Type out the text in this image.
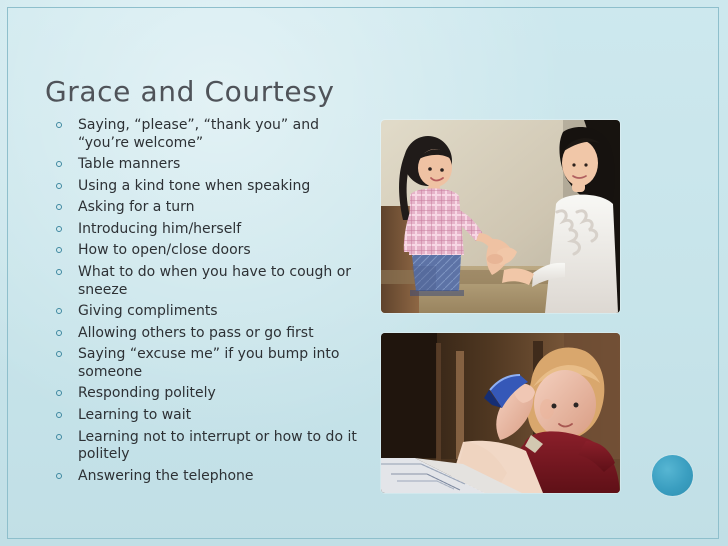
Grace and Courtesy
Saying, “please”, “thank you” and “you’re welcome”
Table manners
Using a kind tone when speaking
Asking for a turn
Introducing him/herself
How to open/close doors
What to do when you have to cough or sneeze
Giving compliments
Allowing others to pass or go first
Saying “excuse me” if you bump into someone
Responding politely
Learning to wait
Learning not to interrupt or how to do it politely
Answering the telephone
